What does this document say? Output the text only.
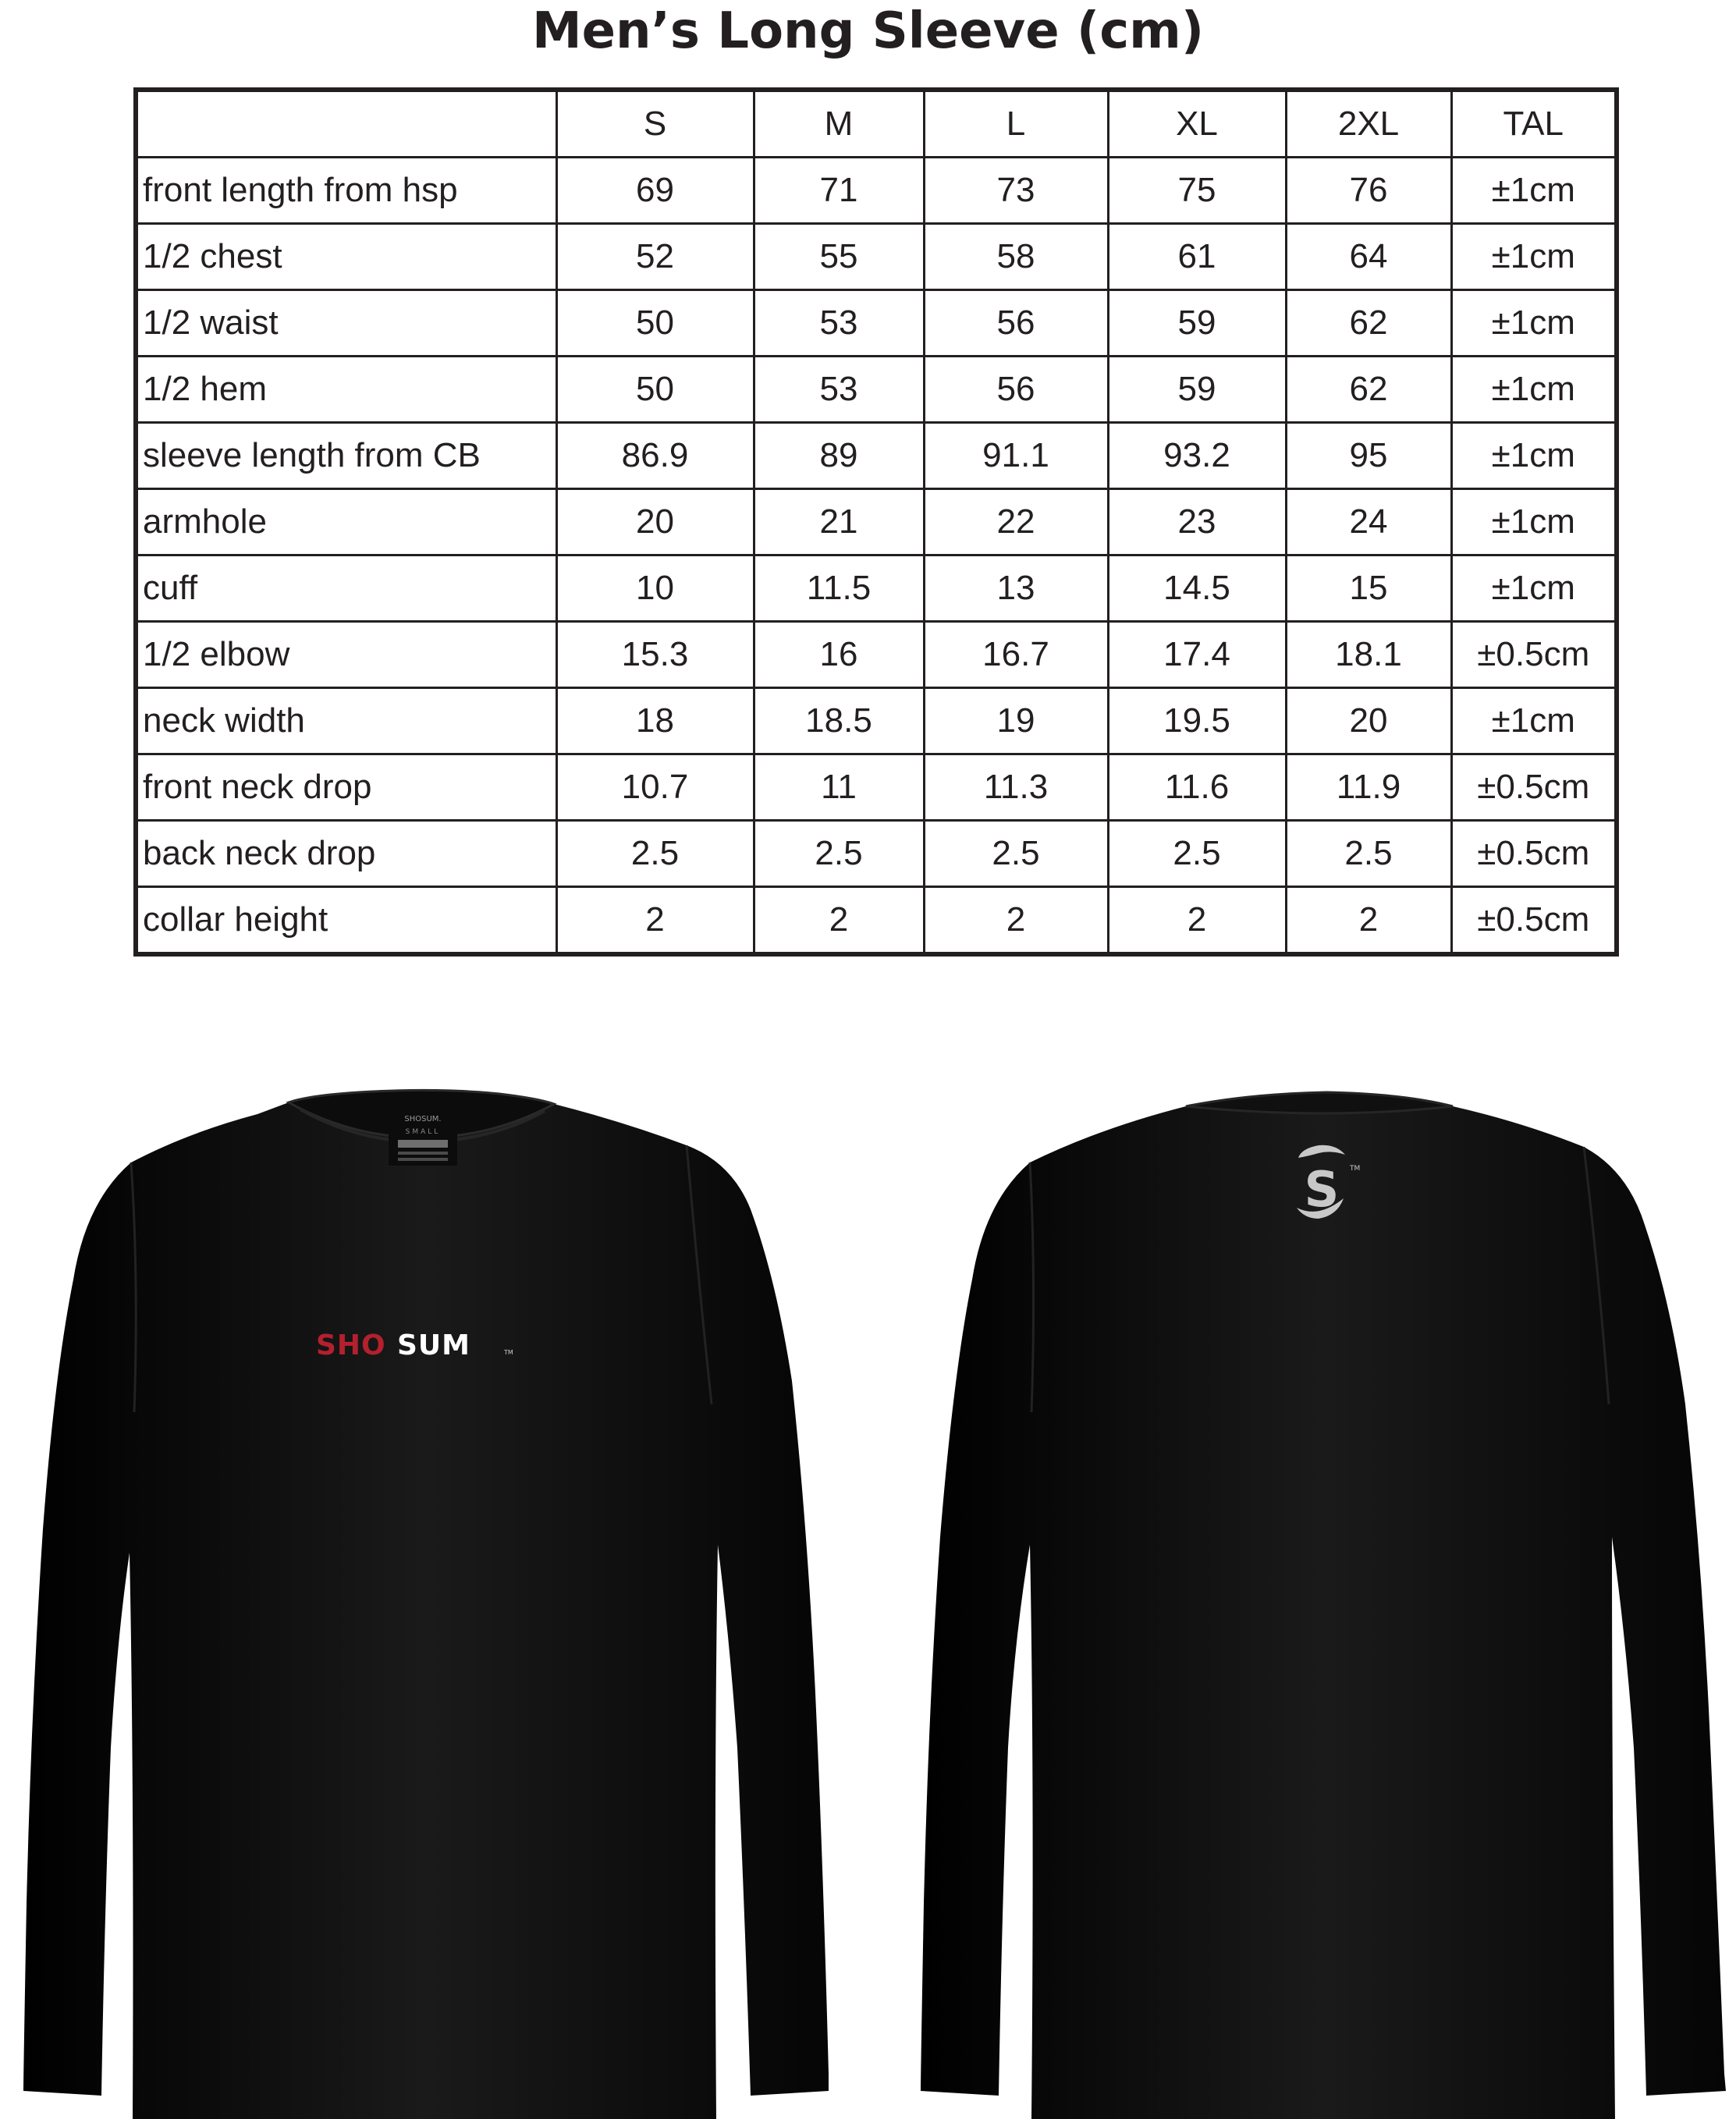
Men’s Long Sleeve (cm)
	S	M	L	XL	2XL	TAL
front length from hsp	69	71	73	75	76	±1cm
1/2 chest	52	55	58	61	64	±1cm
1/2 waist	50	53	56	59	62	±1cm
1/2 hem	50	53	56	59	62	±1cm
sleeve length from CB	86.9	89	91.1	93.2	95	±1cm
armhole	20	21	22	23	24	±1cm
cuff	10	11.5	13	14.5	15	±1cm
1/2 elbow	15.3	16	16.7	17.4	18.1	±0.5cm
neck width	18	18.5	19	19.5	20	±1cm
front neck drop	10.7	11	11.3	11.6	11.9	±0.5cm
back neck drop	2.5	2.5	2.5	2.5	2.5	±0.5cm
collar height	2	2	2	2	2	±0.5cm
SHOSUM.
SMALL
SHO SUM	TM
S TM
